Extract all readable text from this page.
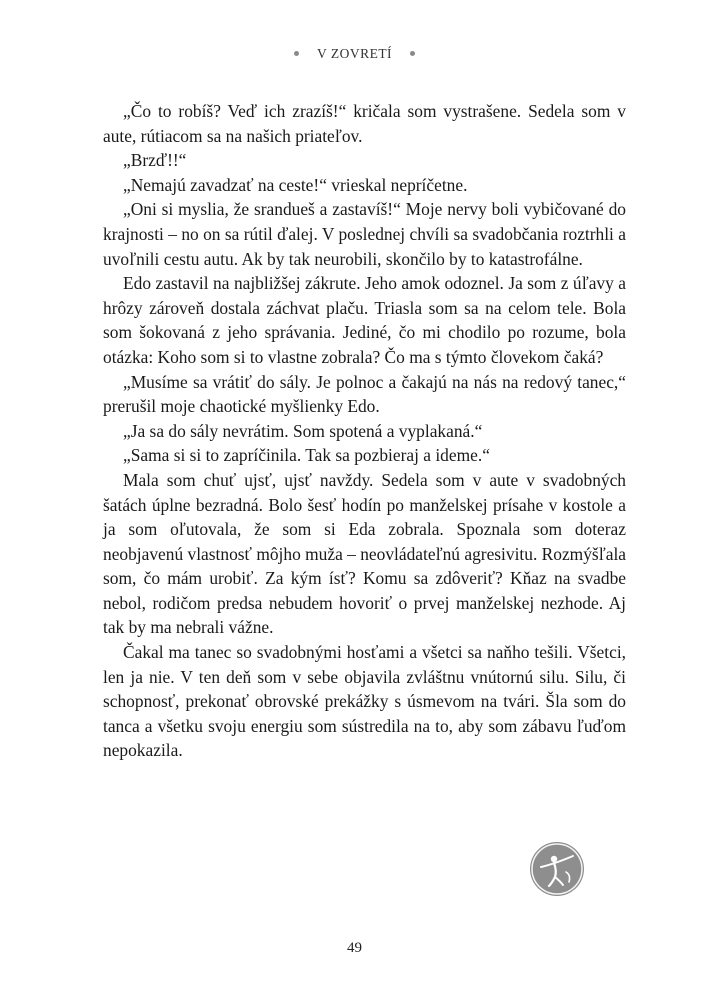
V ZOVRETÍ

„Čo to robíš? Veď ich zrazíš!“ kričala som vystrašene. Sedela som v aute, rútiacom sa na našich priateľov.

„Brzď!!“

„Nemajú zavadzať na ceste!“ vrieskal nepríčetne.

„Oni si myslia, že srandueš a zastavíš!“ Moje nervy boli vybičované do krajnosti – no on sa rútil ďalej. V poslednej chvíli sa svadobčania roztrhli a uvoľnili cestu autu. Ak by tak neurobili, skončilo by to katastrofálne.

Edo zastavil na najbližšej zákrute. Jeho amok odoznel. Ja som z úľavy a hrôzy zároveň dostala záchvat plaču. Triasla som sa na celom tele. Bola som šokovaná z jeho správania. Jediné, čo mi chodilo po rozume, bola otázka: Koho som si to vlastne zobrala? Čo ma s týmto človekom čaká?

„Musíme sa vrátiť do sály. Je polnoc a čakajú na nás na redový tanec,“ prerušil moje chaotické myšlienky Edo.

„Ja sa do sály nevrátim. Som spotená a vyplakaná.“

„Sama si si to zapríčinila. Tak sa pozbieraj a ideme.“

Mala som chuť ujsť, ujsť navždy. Sedela som v aute v svadobných šatách úplne bezradná. Bolo šesť hodín po manželskej prísahe v kostole a ja som oľutovala, že som si Eda zobrala. Spoznala som doteraz neobjavenú vlastnosť môjho muža – neovládateľnú agresivitu. Rozmýšľala som, čo mám urobiť. Za kým ísť? Komu sa zdôveriť? Kňaz na svadbe nebol, rodičom predsa nebudem hovoriť o prvej manželskej nezhode. Aj tak by ma nebrali vážne.

Čakal ma tanec so svadobnými hosťami a všetci sa naňho tešili. Všetci, len ja nie. V ten deň som v sebe objavila zvláštnu vnútornú silu. Silu, či schopnosť, prekonať obrovské prekážky s úsmevom na tvári. Šla som do tanca a všetku svoju energiu som sústredila na to, aby som zábavu ľuďom nepokazila.

49
